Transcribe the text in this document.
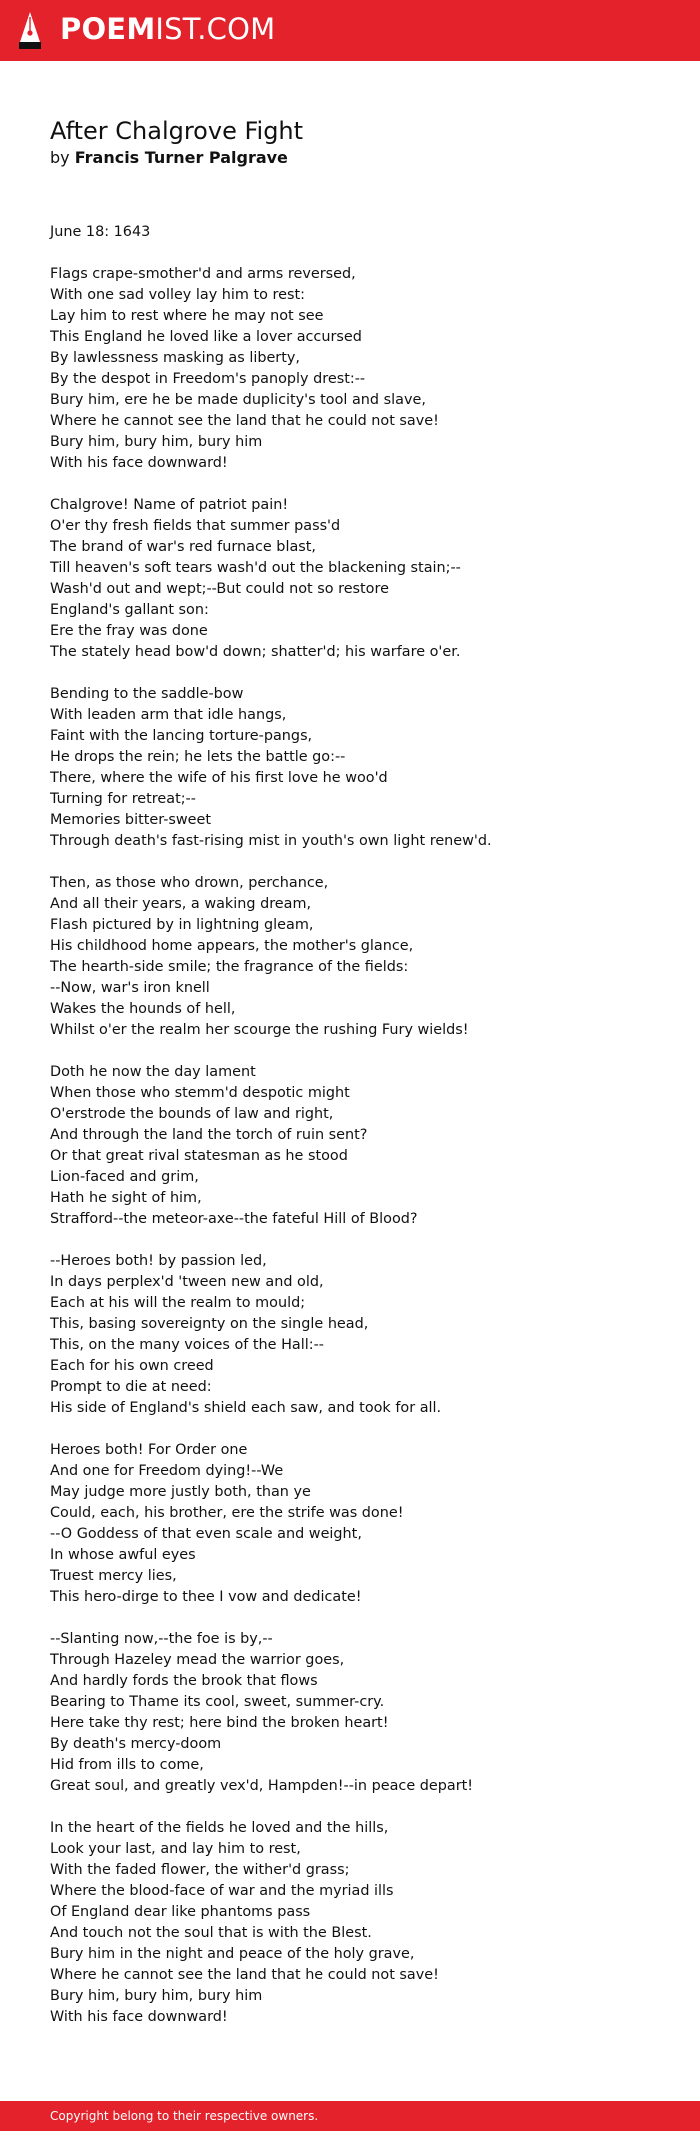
POEMIST.COM
After Chalgrove Fight
by Francis Turner Palgrave
June 18: 1643
Flags crape-smother'd and arms reversed,
With one sad volley lay him to rest:
Lay him to rest where he may not see
This England he loved like a lover accursed
By lawlessness masking as liberty,
By the despot in Freedom's panoply drest:--
Bury him, ere he be made duplicity's tool and slave,
Where he cannot see the land that he could not save!
Bury him, bury him, bury him
With his face downward!
Chalgrove! Name of patriot pain!
O'er thy fresh fields that summer pass'd
The brand of war's red furnace blast,
Till heaven's soft tears wash'd out the blackening stain;--
Wash'd out and wept;--But could not so restore
England's gallant son:
Ere the fray was done
The stately head bow'd down; shatter'd; his warfare o'er.
Bending to the saddle-bow
With leaden arm that idle hangs,
Faint with the lancing torture-pangs,
He drops the rein; he lets the battle go:--
There, where the wife of his first love he woo'd
Turning for retreat;--
Memories bitter-sweet
Through death's fast-rising mist in youth's own light renew'd.
Then, as those who drown, perchance,
And all their years, a waking dream,
Flash pictured by in lightning gleam,
His childhood home appears, the mother's glance,
The hearth-side smile; the fragrance of the fields:
--Now, war's iron knell
Wakes the hounds of hell,
Whilst o'er the realm her scourge the rushing Fury wields!
Doth he now the day lament
When those who stemm'd despotic might
O'erstrode the bounds of law and right,
And through the land the torch of ruin sent?
Or that great rival statesman as he stood
Lion-faced and grim,
Hath he sight of him,
Strafford--the meteor-axe--the fateful Hill of Blood?
--Heroes both! by passion led,
In days perplex'd 'tween new and old,
Each at his will the realm to mould;
This, basing sovereignty on the single head,
This, on the many voices of the Hall:--
Each for his own creed
Prompt to die at need:
His side of England's shield each saw, and took for all.
Heroes both! For Order one
And one for Freedom dying!--We
May judge more justly both, than ye
Could, each, his brother, ere the strife was done!
--O Goddess of that even scale and weight,
In whose awful eyes
Truest mercy lies,
This hero-dirge to thee I vow and dedicate!
--Slanting now,--the foe is by,--
Through Hazeley mead the warrior goes,
And hardly fords the brook that flows
Bearing to Thame its cool, sweet, summer-cry.
Here take thy rest; here bind the broken heart!
By death's mercy-doom
Hid from ills to come,
Great soul, and greatly vex'd, Hampden!--in peace depart!
In the heart of the fields he loved and the hills,
Look your last, and lay him to rest,
With the faded flower, the wither'd grass;
Where the blood-face of war and the myriad ills
Of England dear like phantoms pass
And touch not the soul that is with the Blest.
Bury him in the night and peace of the holy grave,
Where he cannot see the land that he could not save!
Bury him, bury him, bury him
With his face downward!
Copyright belong to their respective owners.
